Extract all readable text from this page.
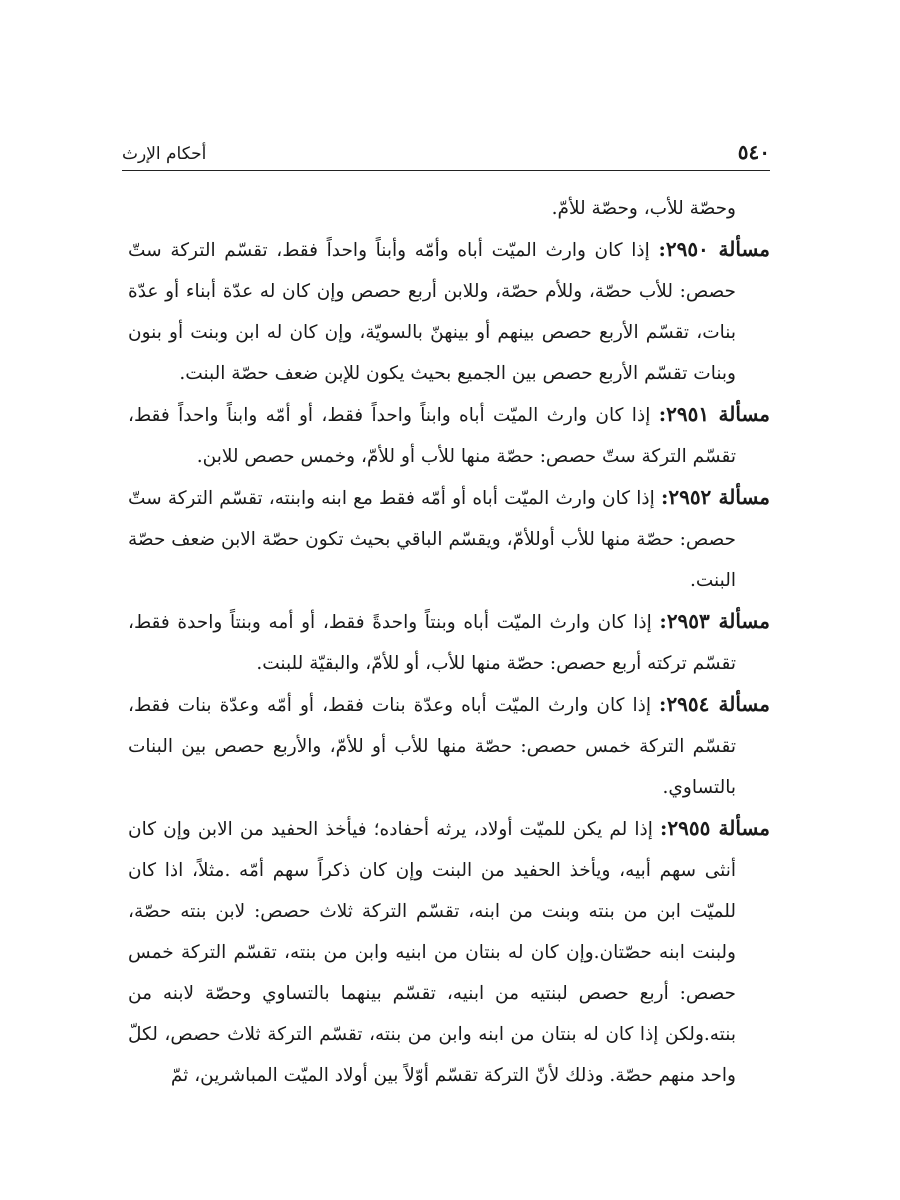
٥٤٠
أحكام الإرث

وحصّة للأب، وحصّة للأمّ.

مسألة ٢٩٥٠: إذا كان وارث الميّت أباه وأمّه وأبناً واحداً فقط، تقسّم التركة ستّ حصص: للأب حصّة، وللأم حصّة، وللابن أربع حصص وإن كان له عدّة أبناء أو عدّة بنات، تقسّم الأربع حصص بينهم أو بينهنّ بالسويّة، وإن كان له ابن وبنت أو بنون وبنات تقسّم الأربع حصص بين الجميع بحيث يكون للإبن ضعف حصّة البنت.

مسألة ٢٩٥١: إذا كان وارث الميّت أباه وابناً واحداً فقط، أو أمّه وابناً واحداً فقط، تقسّم التركة ستّ حصص: حصّة منها للأب أو للأمّ، وخمس حصص للابن.

مسألة ٢٩٥٢: إذا كان وارث الميّت أباه أو أمّه فقط مع ابنه وابنته، تقسّم التركة ستّ حصص: حصّة منها للأب أوللأمّ، ويقسّم الباقي بحيث تكون حصّة الابن ضعف حصّة البنت.

مسألة ٢٩٥٣: إذا كان وارث الميّت أباه وبنتاً واحدةً فقط، أو أمه وبنتاً واحدة فقط، تقسّم تركته أربع حصص: حصّة منها للأب، أو للأمّ، والبقيّة للبنت.

مسألة ٢٩٥٤: إذا كان وارث الميّت أباه وعدّة بنات فقط، أو أمّه وعدّة بنات فقط، تقسّم التركة خمس حصص: حصّة منها للأب أو للأمّ، والأربع حصص بين البنات بالتساوي.

مسألة ٢٩٥٥: إذا لم يكن للميّت أولاد، يرثه أحفاده؛ فيأخذ الحفيد من الابن وإن كان أنثى سهم أبيه، ويأخذ الحفيد من البنت وإن كان ذكراً سهم أمّه .مثلاً، اذا كان للميّت ابن من بنته وبنت من ابنه، تقسّم التركة ثلاث حصص: لابن بنته حصّة، ولبنت ابنه حصّتان.وإن كان له بنتان من ابنيه وابن من بنته، تقسّم التركة خمس حصص: أربع حصص لبنتيه من ابنيه، تقسّم بينهما بالتساوي وحصّة لابنه من بنته.ولكن إذا كان له بنتان من ابنه وابن من بنته، تقسّم التركة ثلاث حصص، لكلّ واحد منهم حصّة. وذلك لأنّ التركة تقسّم أوّلاً بين أولاد الميّت المباشرين، ثمّ
